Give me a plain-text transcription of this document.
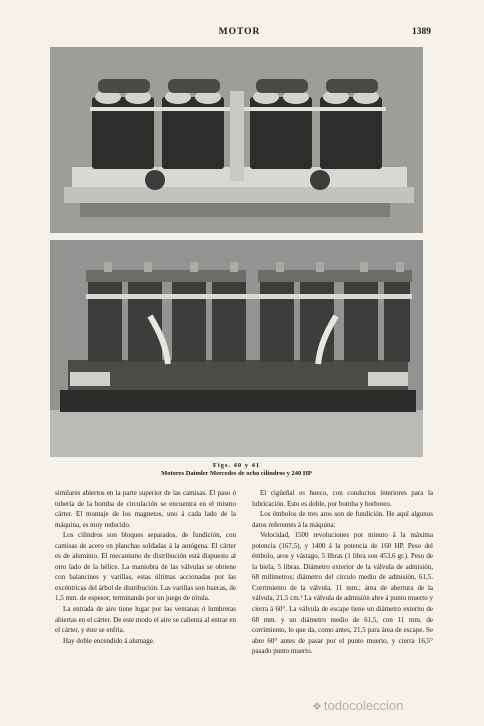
MOTOR	1389
Figs. 40 y 41
Motores Daimler Mercedes de ocho cilindros y 240 HP

similares abiertos en la parte superior de las camisas. El paso ó tubería de la bomba de circulación se encuentra en el mismo cárter. El montaje de los magnetos, uno á cada lado de la máquina, es muy reducido.

Los cilindros son bloques separados, de fundición, con camisas de acero en planchas soldadas á la autógena. El cárter es de aluminio. El mecanismo de distribución está dispuesto al otro lado de la hélice. La maniobra de las válvulas se obtiene con balancines y varillas, estas últimas accionadas por las excéntricas del árbol de distribución. Las varillas son huecas, de 1,5 mm. de espesor, terminando por un juego de rótula.

La entrada de aire tiene lugar por las ventanas ó lumbreras abiertas en el cárter. De este modo el aire se calienta al entrar en el cárter, y éste se enfría.

Hay doble encendido á alumage.

El cigüeñal es hueco, con conductos interiores para la lubricación. Esto es doble, por bomba y borboteo.

Los émbolos de tres aros son de fundición. He aquí algunos datos referentes á la máquina:

Velocidad, 1500 revoluciones por minuto á la máxima potencia (167,5), y 1400 á la potencia de 160 HP. Peso del émbolo, aros y vástago, 5 libras (1 libra son 453,6 gr.). Peso de la biela, 5 libras. Diámetro exterior de la válvula de admisión, 68 milímetros; diámetro del círculo medio de admisión, 61,5. Corrimiento de la válvula, 11 mm.; área de abertura de la válvula, 21,5 cm.² La válvula de admisión abre á punto muerto y cierra á 60°. La válvula de escape tiene un diámetro externo de 68 mm. y un diámetro medio de 61,5, con 11 mm. de corrimiento, lo que da, como antes, 21,5 para área de escape. Se abre 60° antes de pasar por el punto muerto, y cierra 16,5° pasado punto muerto.

❖ todocoleccion
